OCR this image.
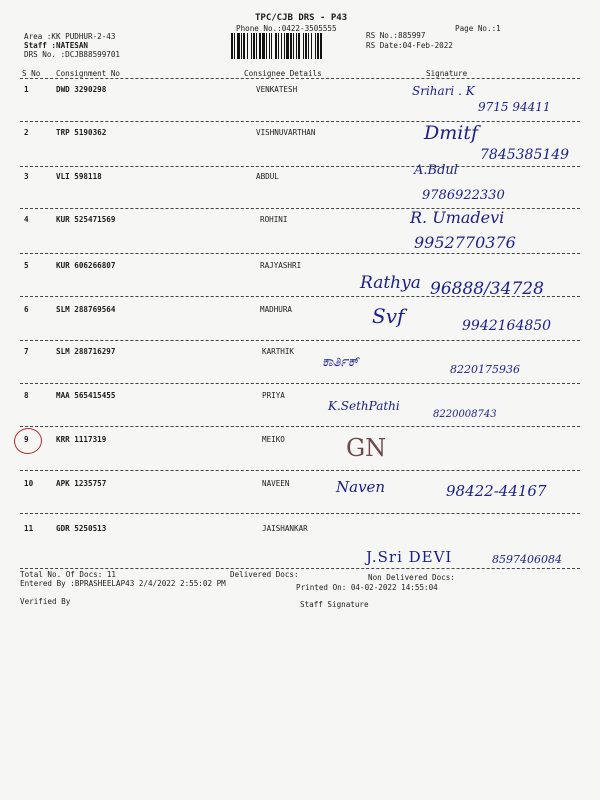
TPC/CJB DRS - P43
Phone No.:0422-3505555	Page No.:1
Area :KK PUDHUR-2-43
Staff :NATESAN
DRS No. :DCJB88599701
RS No.:885997
RS Date:04-Feb-2022
S No Consignment No	Consignee Details	Signature
1	DWD 3290298	VENKATESH	Srihari . K
9715 94411
2	TRP 5190362	VISHNUVARTHAN	Dmitf
7845385149
3	VLI 598118	ABDUL	A.Bdul
9786922330
4	KUR 525471569	ROHINI	R. Umadevi
9952770376
5	KUR 606266807	RAJYASHRI
Rathya 96888/34728
6	SLM 288769564	MADHURA	Svf	9942164850
7	SLM 288716297	KARTHIK
ಕಾರ್ತಿಕ್	8220175936
8	MAA 565415455	PRIYA
K.SethPathi
8220008743
9	KRR 1117319	MEIKO	GN
10	APK 1235757	NAVEEN	Naven	98422-44167
11	GDR 5250513	JAISHANKAR
J.Sri DEVI	8597406084
Total No. Of Docs: 11	Delivered Docs:	Non Delivered Docs:
Entered By :BPRASHEELAP43 2/4/2022 2:55:02 PM	Printed On: 04-02-2022 14:55:04
Verified By	Staff Signature
